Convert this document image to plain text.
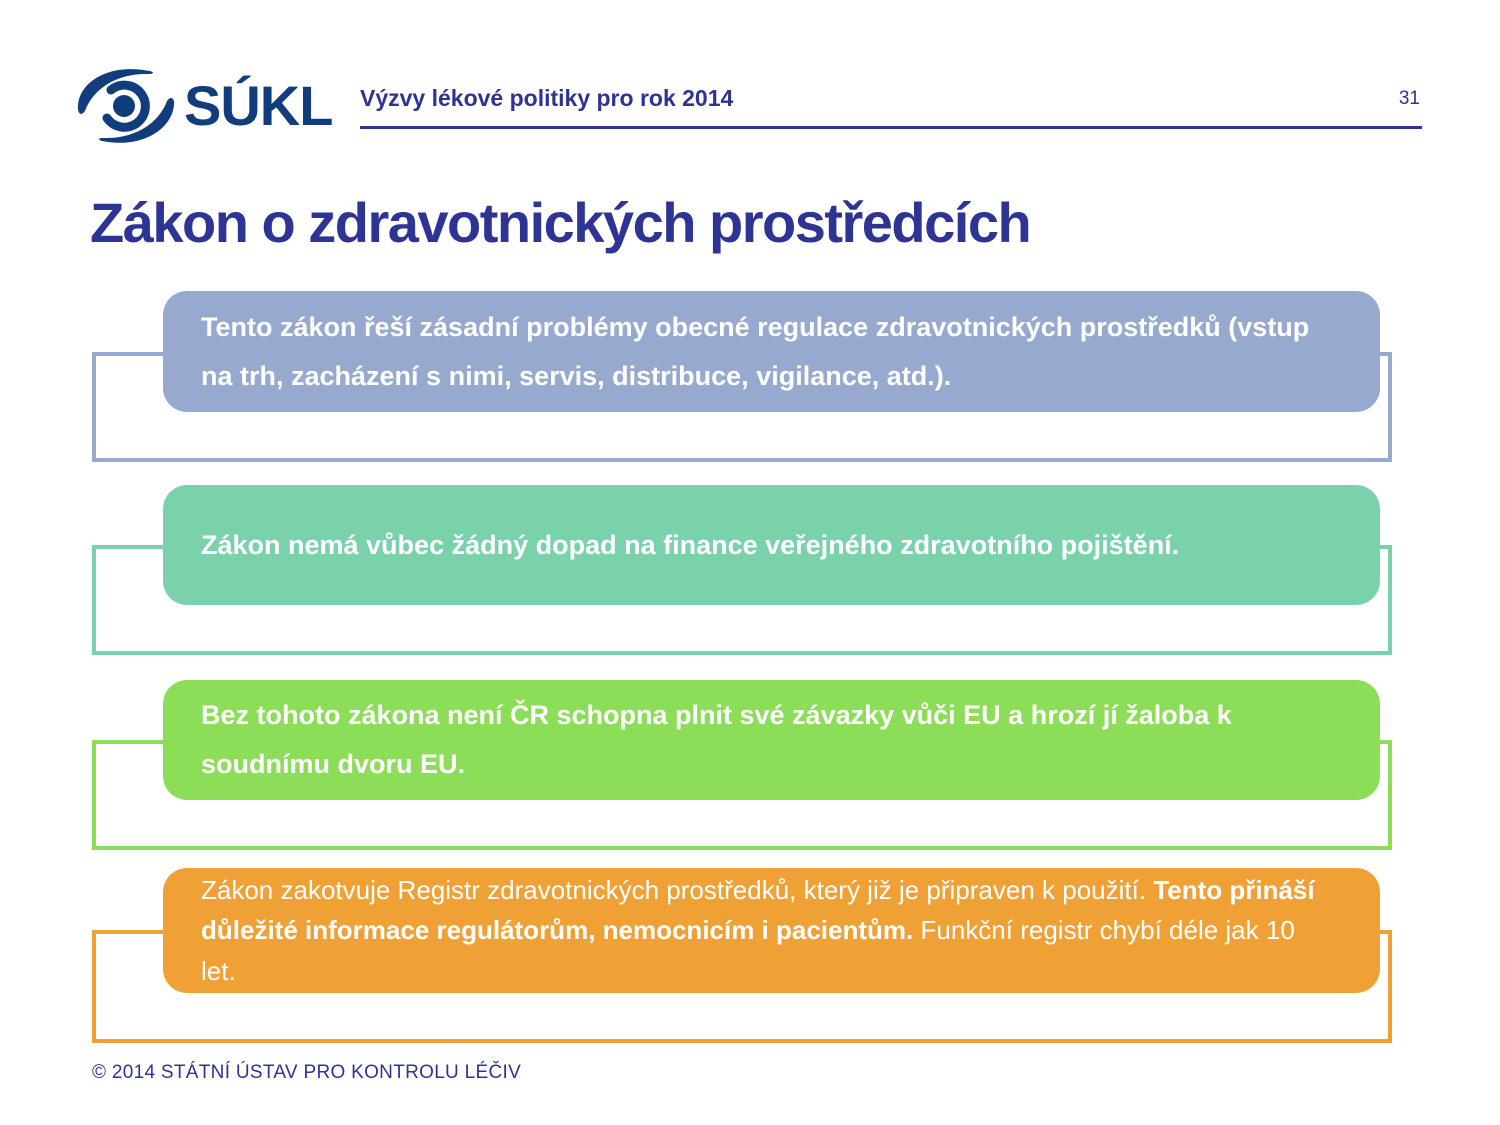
SÚKL Výzvy lékové politiky pro rok 2014	31
Zákon o zdravotnických prostředcích

Tento zákon řeší zásadní problémy obecné regulace zdravotnických prostředků (vstup na trh, zacházení s nimi, servis, distribuce, vigilance, atd.).

Zákon nemá vůbec žádný dopad na finance veřejného zdravotního pojištění.

Bez tohoto zákona není ČR schopna plnit své závazky vůči EU a hrozí jí žaloba k soudnímu dvoru EU.

Zákon zakotvuje Registr zdravotnických prostředků, který již je připraven k použití. Tento přináší důležité informace regulátorům, nemocnicím i pacientům. Funkční registr chybí déle jak 10 let.

© 2014 STÁTNÍ ÚSTAV PRO KONTROLU LÉČIV
